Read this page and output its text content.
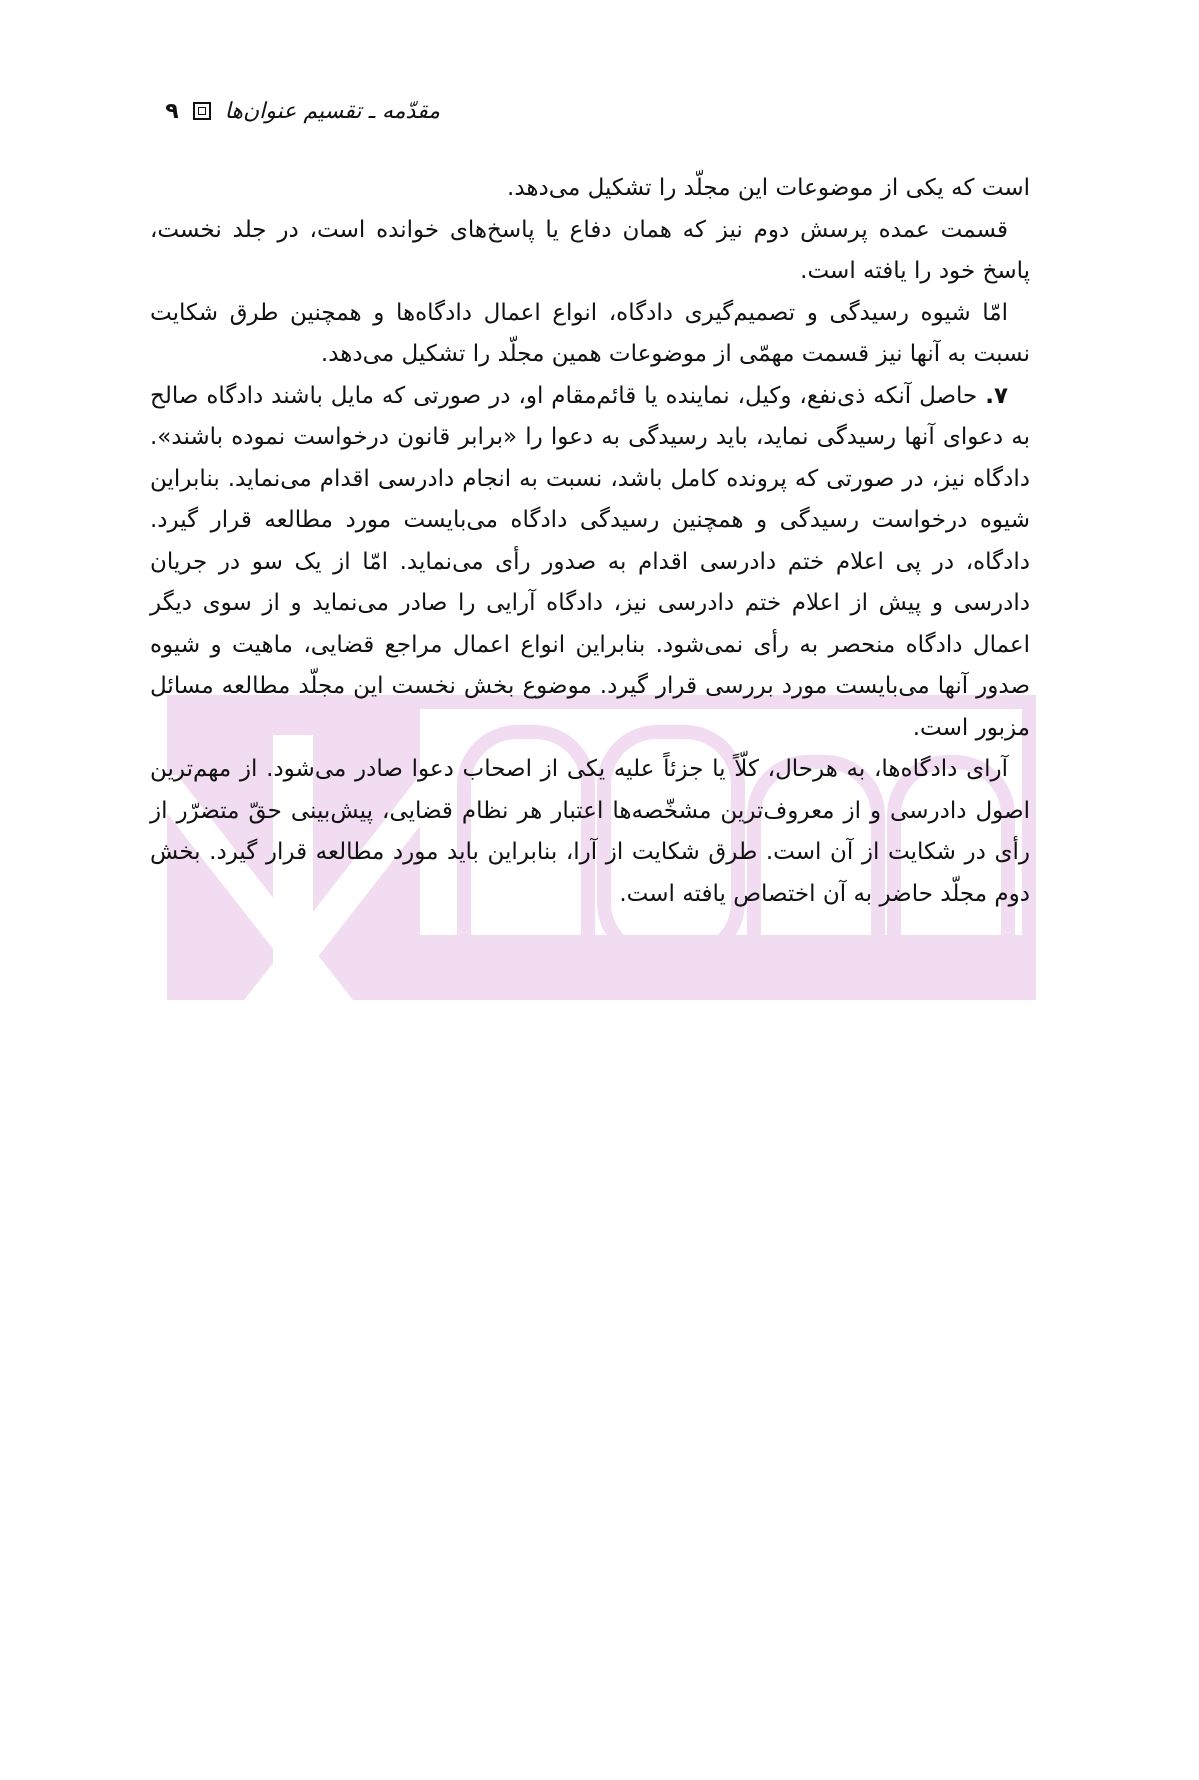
مقدّمه ـ تقسیم عنوان‌ها
۹

است که یکی از موضوعات این مجلّد را تشکیل می‌دهد.

قسمت عمده پرسش دوم نیز که همان دفاع یا پاسخ‌های خوانده است، در جلد نخست، پاسخ خود را یافته است.

امّا شیوه رسیدگی و تصمیم‌گیری دادگاه، انواع اعمال دادگاه‌ها و همچنین طرق شکایت نسبت به آنها نیز قسمت مهمّی از موضوعات همین مجلّد را تشکیل می‌دهد.

۷. حاصل آنکه ذی‌نفع، وکیل، نماینده یا قائم‌مقام او، در صورتی که مایل باشند دادگاه صالح به دعوای آنها رسیدگی نماید، باید رسیدگی به دعوا را «برابر قانون درخواست نموده باشند». دادگاه نیز، در صورتی که پرونده کامل باشد، نسبت به انجام دادرسی اقدام می‌نماید. بنابراین شیوه درخواست رسیدگی و همچنین رسیدگی دادگاه می‌بایست مورد مطالعه قرار گیرد. دادگاه، در پی اعلام ختم دادرسی اقدام به صدور رأی می‌نماید. امّا از یک سو در جریان دادرسی و پیش از اعلام ختم دادرسی نیز، دادگاه آرایی را صادر می‌نماید و از سوی دیگر اعمال دادگاه منحصر به رأی نمی‌شود. بنابراین انواع اعمال مراجع قضایی، ماهیت و شیوه صدور آنها می‌بایست مورد بررسی قرار گیرد. موضوع بخش نخست این مجلّد مطالعه مسائل مزبور است.

آرای دادگاه‌ها، به هرحال، کلّاً یا جزئاً علیه یکی از اصحاب دعوا صادر می‌شود. از مهم‌ترین اصول دادرسی و از معروف‌ترین مشخّصه‌ها اعتبار هر نظام قضایی، پیش‌بینی حقّ متضرّر از رأی در شکایت از آن است. طرق شکایت از آرا، بنابراین باید مورد مطالعه قرار گیرد. بخش دوم مجلّد حاضر به آن اختصاص یافته است.
